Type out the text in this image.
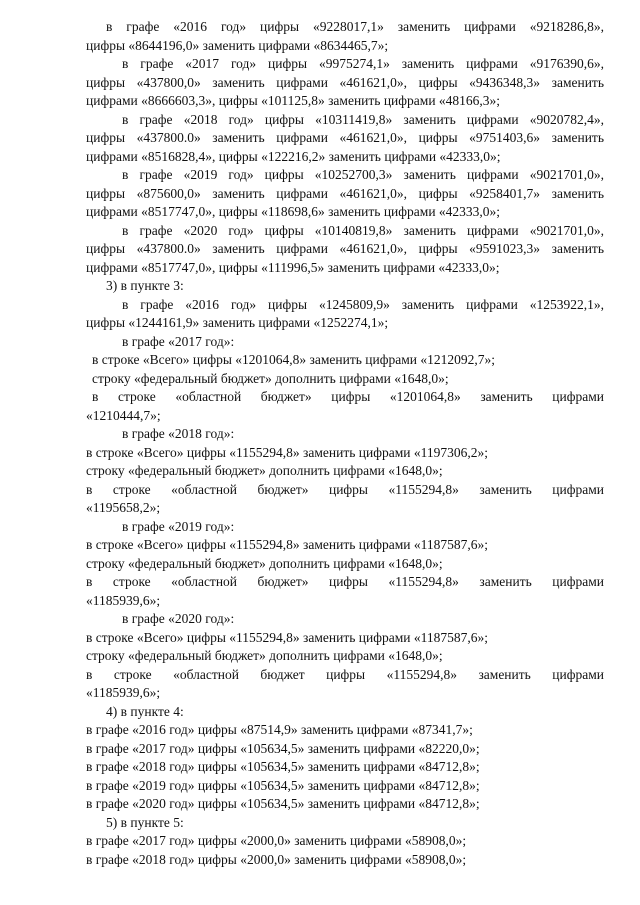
в графе «2016 год» цифры «9228017,1» заменить цифрами «9218286,8»,
цифры «8644196,0» заменить цифрами «8634465,7»;
в графе «2017 год» цифры «9975274,1» заменить цифрами «9176390,6»,
цифры «437800,0» заменить цифрами «461621,0», цифры «9436348,3» заменить
цифрами «8666603,3», цифры «101125,8» заменить цифрами «48166,3»;
в графе «2018 год» цифры «10311419,8» заменить цифрами «9020782,4»,
цифры «437800.0» заменить цифрами «461621,0», цифры «9751403,6» заменить
цифрами «8516828,4», цифры «122216,2» заменить цифрами «42333,0»;
в графе «2019 год» цифры «10252700,3» заменить цифрами «9021701,0»,
цифры «875600,0» заменить цифрами «461621,0», цифры «9258401,7» заменить
цифрами «8517747,0», цифры «118698,6» заменить цифрами «42333,0»;
в графе «2020 год» цифры «10140819,8» заменить цифрами «9021701,0»,
цифры «437800.0» заменить цифрами «461621,0», цифры «9591023,3» заменить
цифрами «8517747,0», цифры «111996,5» заменить цифрами «42333,0»;
3) в пункте 3:
в графе «2016 год» цифры «1245809,9» заменить цифрами «1253922,1»,
цифры «1244161,9» заменить цифрами «1252274,1»;
в графе «2017 год»:
в строке «Всего» цифры «1201064,8» заменить цифрами «1212092,7»;
строку «федеральный бюджет» дополнить цифрами «1648,0»;
в строке «областной бюджет» цифры «1201064,8» заменить цифрами
«1210444,7»;
в графе «2018 год»:
в строке «Всего» цифры «1155294,8» заменить цифрами «1197306,2»;
строку «федеральный бюджет» дополнить цифрами «1648,0»;
в строке «областной бюджет» цифры «1155294,8» заменить цифрами
«1195658,2»;
в графе «2019 год»:
в строке «Всего» цифры «1155294,8» заменить цифрами «1187587,6»;
строку «федеральный бюджет» дополнить цифрами «1648,0»;
в строке «областной бюджет» цифры «1155294,8» заменить цифрами
«1185939,6»;
в графе «2020 год»:
в строке «Всего» цифры «1155294,8» заменить цифрами «1187587,6»;
строку «федеральный бюджет» дополнить цифрами «1648,0»;
в строке «областной бюджет цифры «1155294,8» заменить цифрами
«1185939,6»;
4) в пункте 4:
в графе «2016 год» цифры «87514,9» заменить цифрами «87341,7»;
в графе «2017 год» цифры «105634,5» заменить цифрами «82220,0»;
в графе «2018 год» цифры «105634,5» заменить цифрами «84712,8»;
в графе «2019 год» цифры «105634,5» заменить цифрами «84712,8»;
в графе «2020 год» цифры «105634,5» заменить цифрами «84712,8»;
5) в пункте 5:
в графе «2017 год» цифры «2000,0» заменить цифрами «58908,0»;
в графе «2018 год» цифры «2000,0» заменить цифрами «58908,0»;
